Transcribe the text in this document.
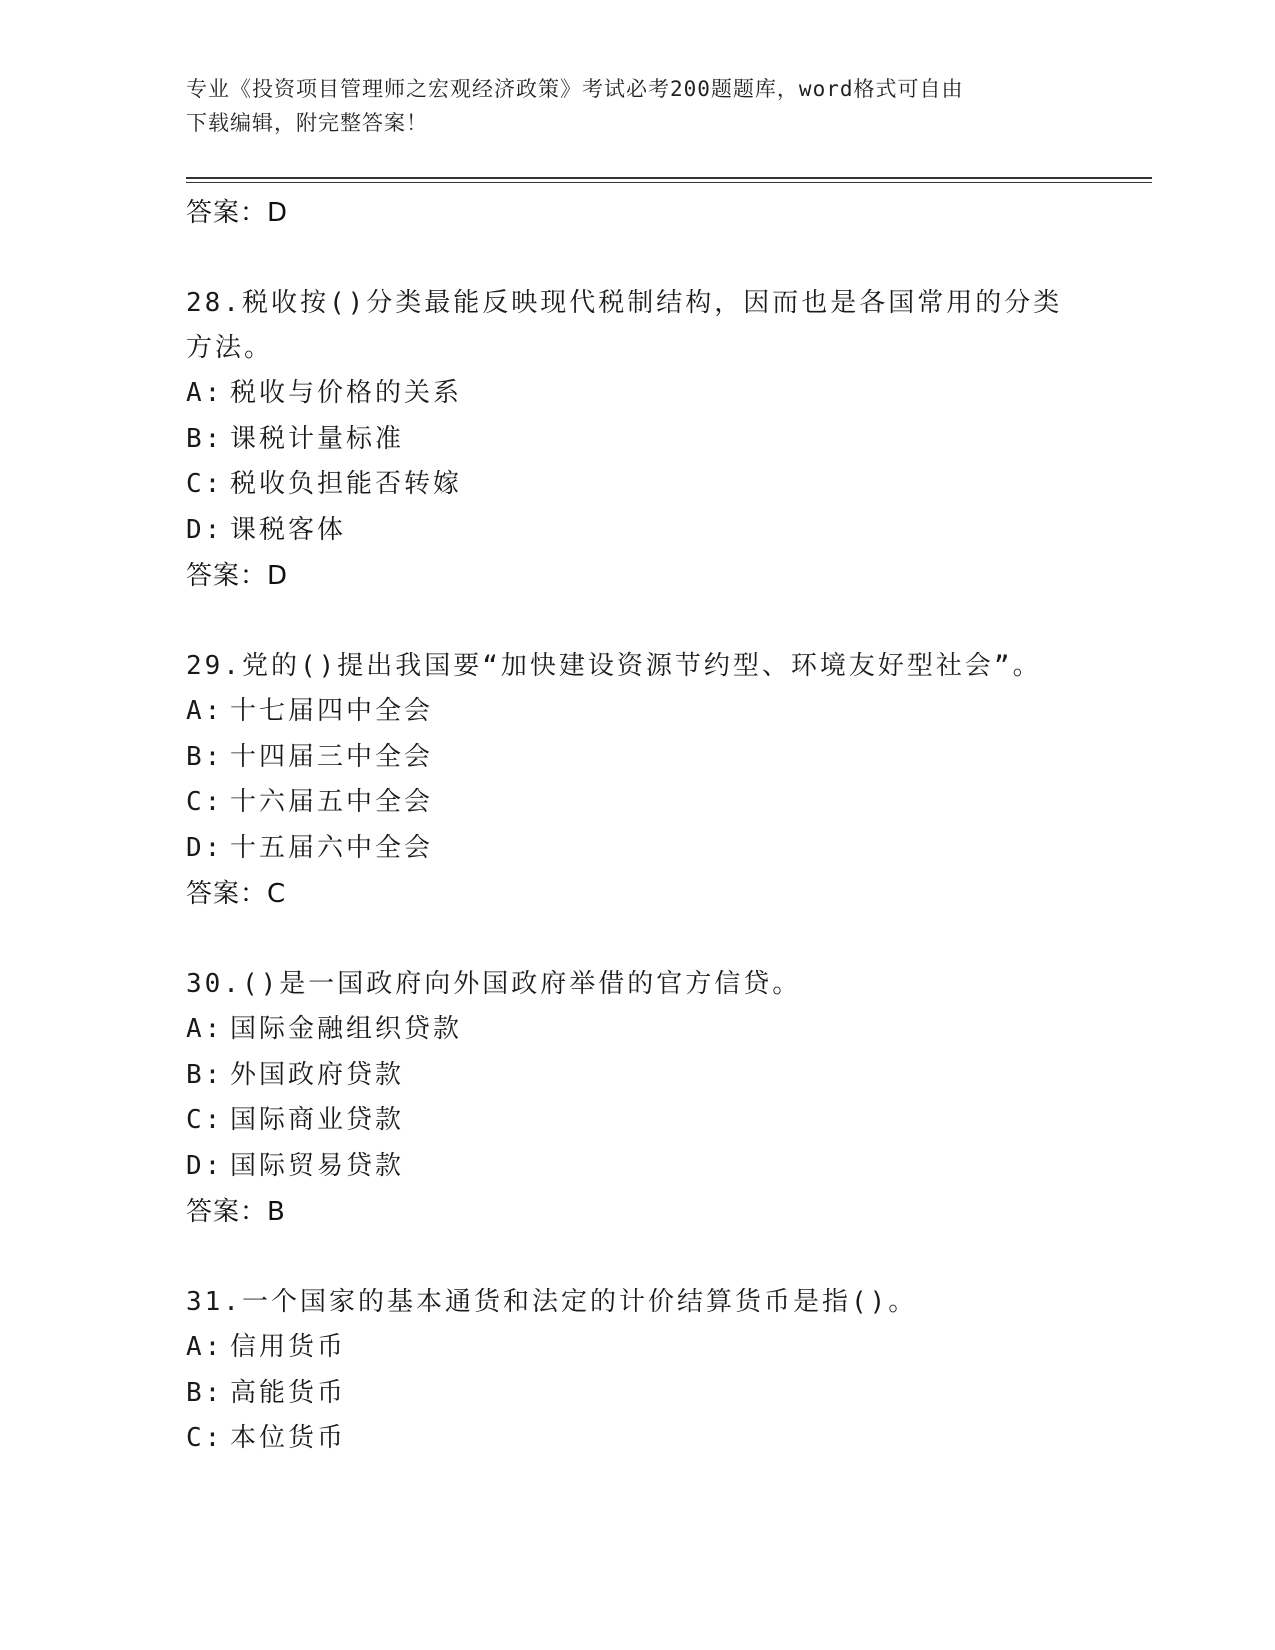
专业《投资项目管理师之宏观经济政策》考试必考200题题库，word格式可自由
下载编辑，附完整答案！
答案：D
28.税收按()分类最能反映现代税制结构，因而也是各国常用的分类方法。
A: 税收与价格的关系
B: 课税计量标准
C: 税收负担能否转嫁
D: 课税客体
答案：D
29.党的()提出我国要“加快建设资源节约型、环境友好型社会”。
A: 十七届四中全会
B: 十四届三中全会
C: 十六届五中全会
D: 十五届六中全会
答案：C
30.()是一国政府向外国政府举借的官方信贷。
A: 国际金融组织贷款
B: 外国政府贷款
C: 国际商业贷款
D: 国际贸易贷款
答案：B
31.一个国家的基本通货和法定的计价结算货币是指()。
A: 信用货币
B: 高能货币
C: 本位货币
